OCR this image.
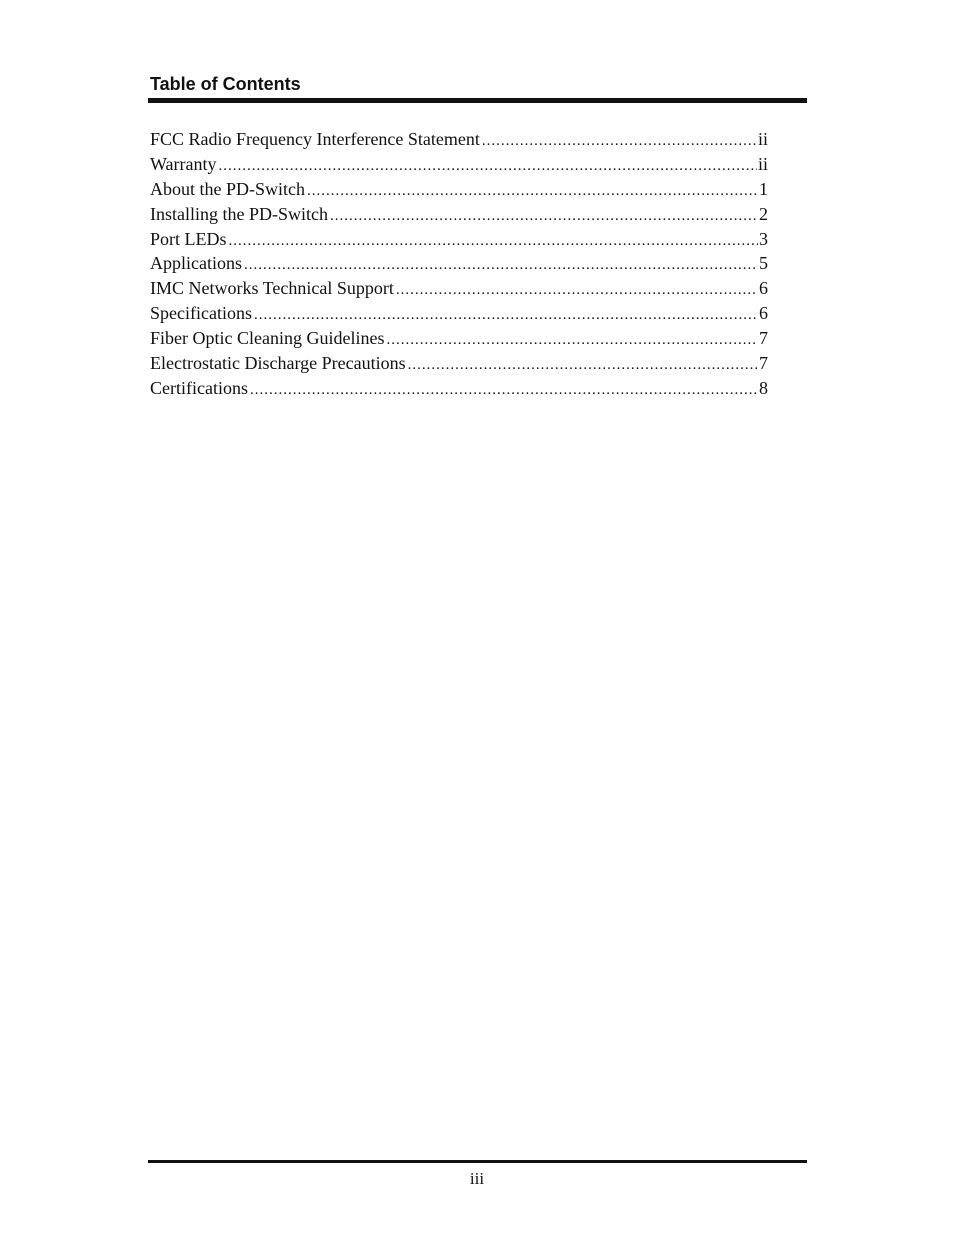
Table of Contents
FCC Radio Frequency Interference Statement .....	ii
Warranty .....	ii
About the PD-Switch .....	1
Installing the PD-Switch .....	2
Port LEDs .....	3
Applications .....	5
IMC Networks Technical Support .....	6
Specifications .....	6
Fiber Optic Cleaning Guidelines .....	7
Electrostatic Discharge Precautions .....	7
Certifications .....	8
iii
